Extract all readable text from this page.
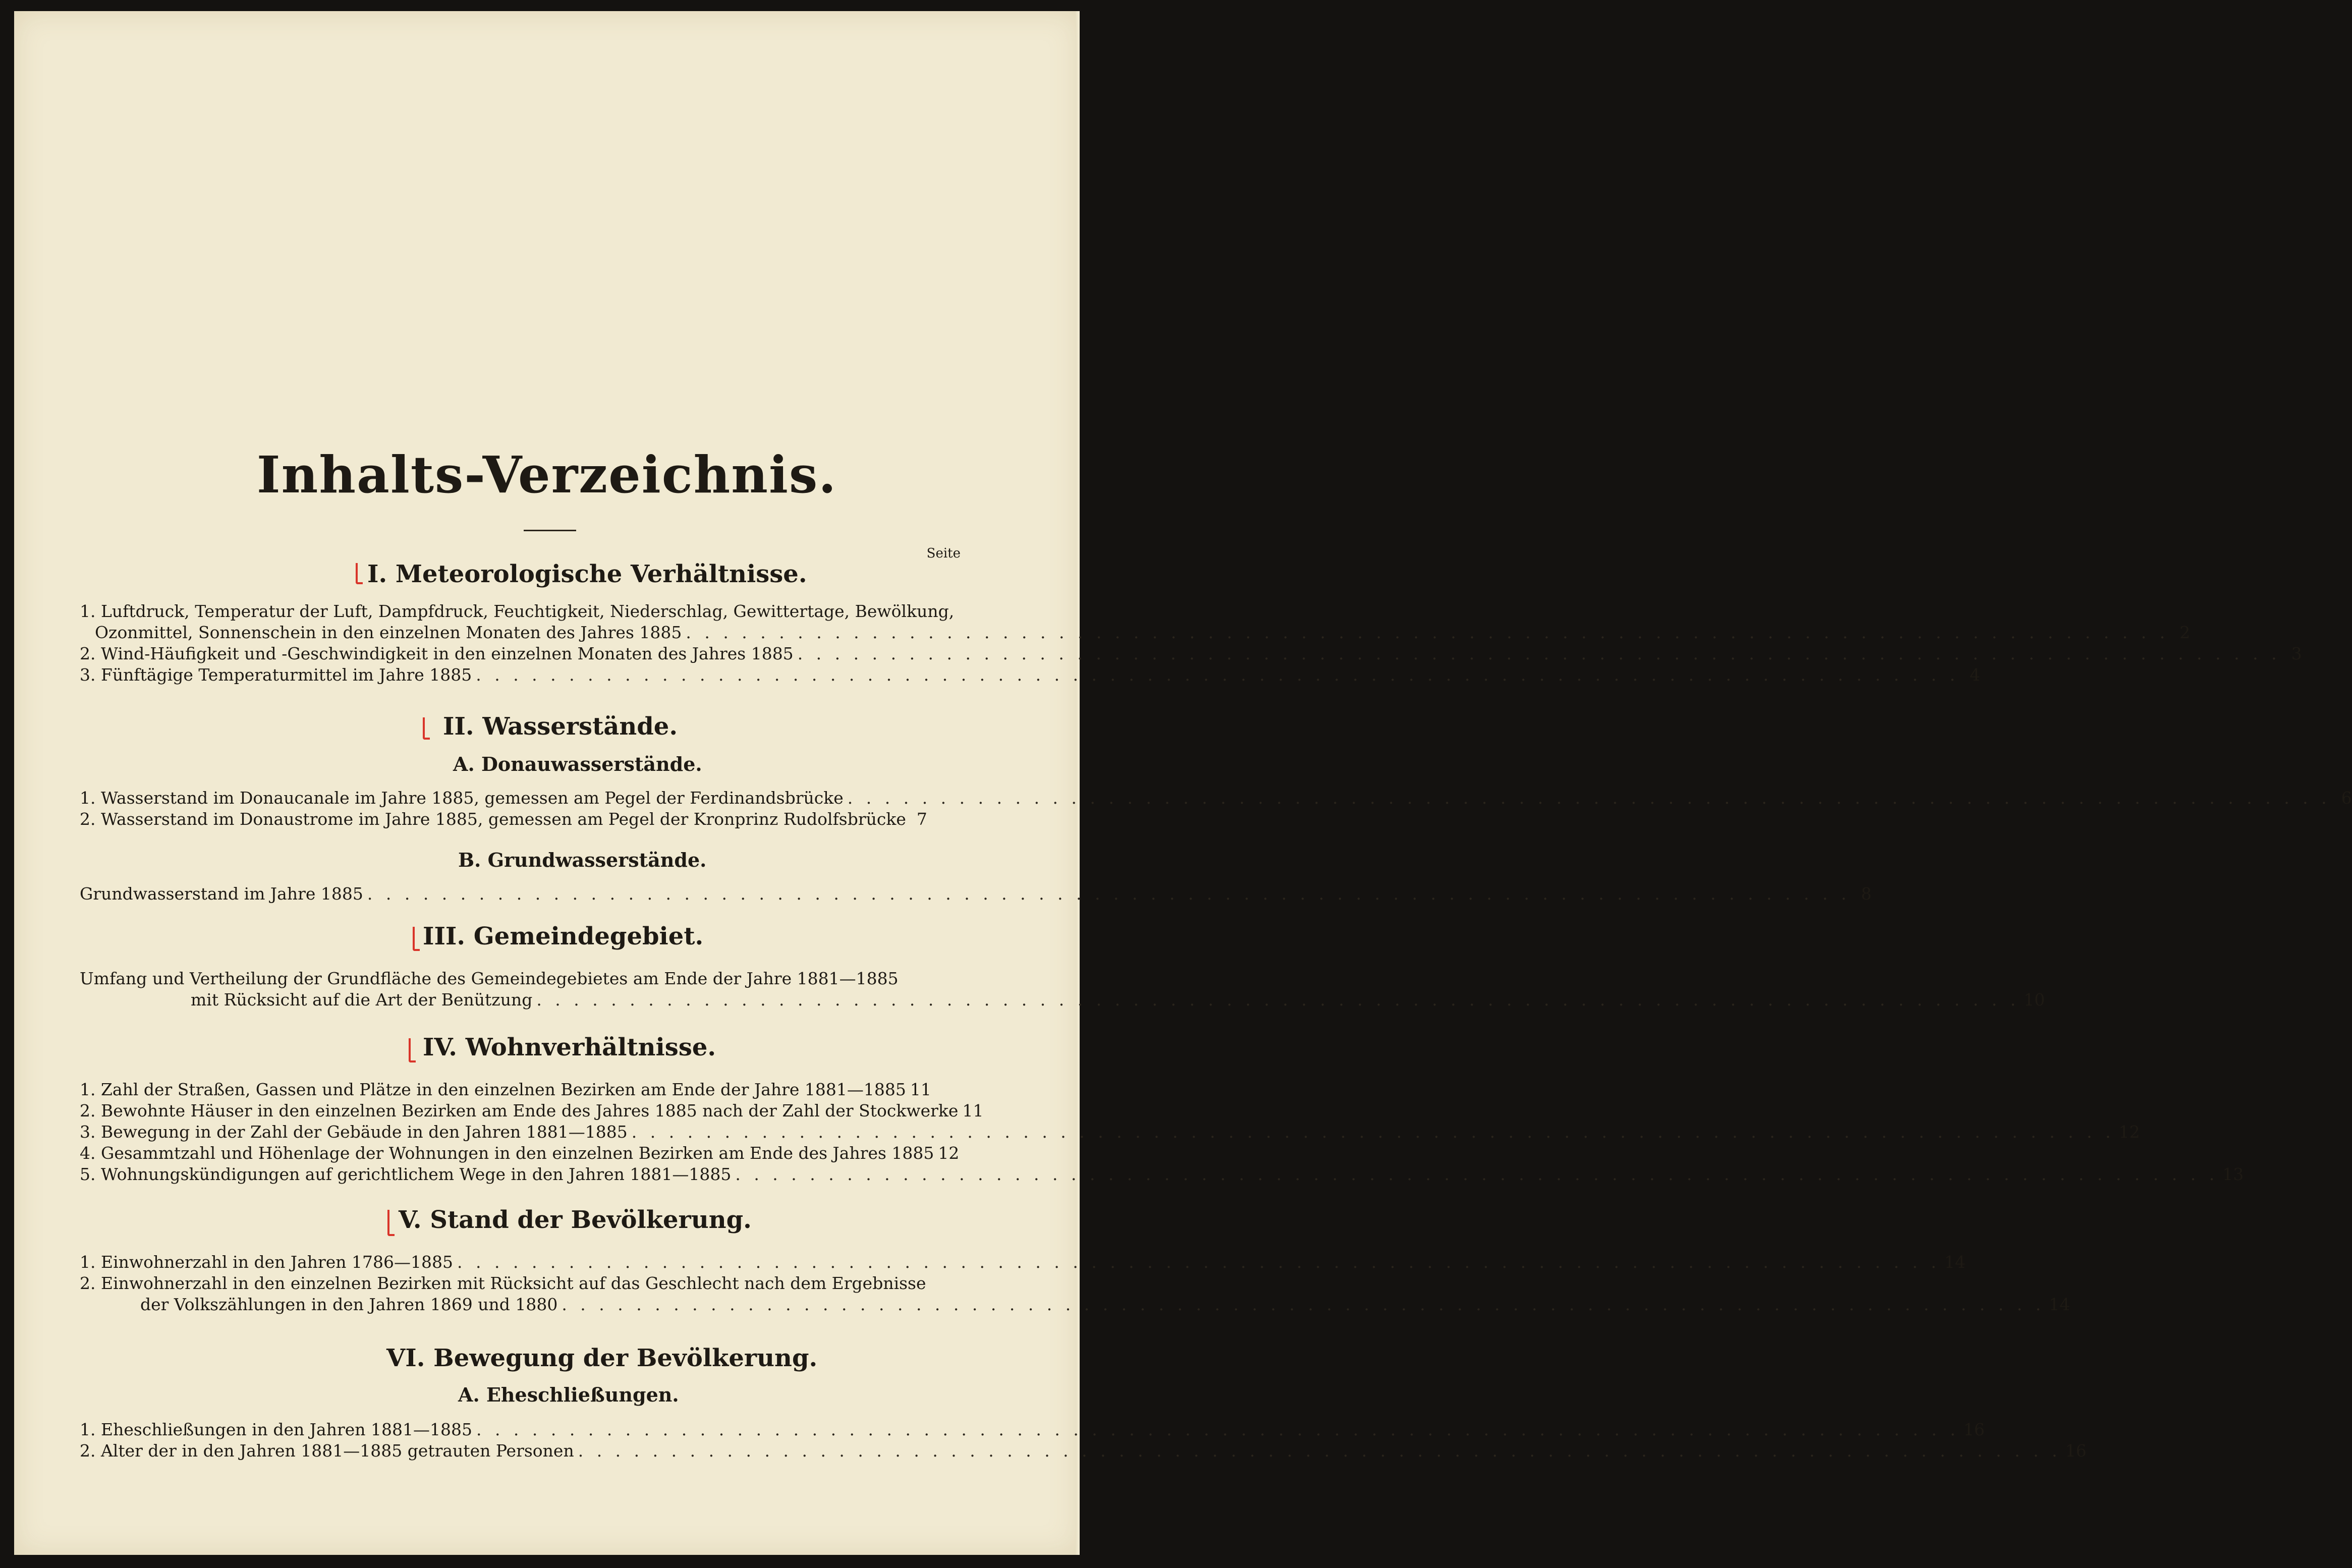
Inhalts-Verzeichnis.
Seite
I. Meteorologische Verhältnisse.
1. Luftdruck, Temperatur der Luft, Dampfdruck, Feuchtigkeit, Niederschlag, Gewittertage, Bewölkung,
Ozonmittel, Sonnenschein in den einzelnen Monaten des Jahres 1885 . . . . . . . . . . . . . . . . . . . . . . . . . . . . . . . . . . . . . . . . . . . . . . . . . . . . . . . . . . . . . . . . . . . . . . . . . . . . . . . . 2
2. Wind-Häufigkeit und -Geschwindigkeit in den einzelnen Monaten des Jahres 1885 . . . . . . . . . . . . . . . . . . . . . . . . . . . . . . . . . . . . . . . . . . . . . . . . . . . . . . . . . . . . . . . . . . . . . . . . . . . . . . . . 3
3. Fünftägige Temperaturmittel im Jahre 1885 . . . . . . . . . . . . . . . . . . . . . . . . . . . . . . . . . . . . . . . . . . . . . . . . . . . . . . . . . . . . . . . . . . . . . . . . . . . . . . . . 4
II. Wasserstände.
A. Donauwasserstände.
1. Wasserstand im Donaucanale im Jahre 1885, gemessen am Pegel der Ferdinandsbrücke . . . . . . . . . . . . . . . . . . . . . . . . . . . . . . . . . . . . . . . . . . . . . . . . . . . . . . . . . . . . . . . . . . . . . . . . . . . . . . . . 6
2. Wasserstand im Donaustrome im Jahre 1885, gemessen am Pegel der Kronprinz Rudolfsbrücke 7
B. Grundwasserstände.
Grundwasserstand im Jahre 1885 . . . . . . . . . . . . . . . . . . . . . . . . . . . . . . . . . . . . . . . . . . . . . . . . . . . . . . . . . . . . . . . . . . . . . . . . . . . . . . . . 8
III. Gemeindegebiet.
Umfang und Vertheilung der Grundfläche des Gemeindegebietes am Ende der Jahre 1881—1885
mit Rücksicht auf die Art der Benützung . . . . . . . . . . . . . . . . . . . . . . . . . . . . . . . . . . . . . . . . . . . . . . . . . . . . . . . . . . . . . . . . . . . . . . . . . . . . . . . . 10
IV. Wohnverhältnisse.
1. Zahl der Straßen, Gassen und Plätze in den einzelnen Bezirken am Ende der Jahre 1881—1885 11
2. Bewohnte Häuser in den einzelnen Bezirken am Ende des Jahres 1885 nach der Zahl der Stockwerke 11
3. Bewegung in der Zahl der Gebäude in den Jahren 1881—1885 . . . . . . . . . . . . . . . . . . . . . . . . . . . . . . . . . . . . . . . . . . . . . . . . . . . . . . . . . . . . . . . . . . . . . . . . . . . . . . . . 12
4. Gesammtzahl und Höhenlage der Wohnungen in den einzelnen Bezirken am Ende des Jahres 1885 12
5. Wohnungskündigungen auf gerichtlichem Wege in den Jahren 1881—1885 . . . . . . . . . . . . . . . . . . . . . . . . . . . . . . . . . . . . . . . . . . . . . . . . . . . . . . . . . . . . . . . . . . . . . . . . . . . . . . . . 13
V. Stand der Bevölkerung.
1. Einwohnerzahl in den Jahren 1786—1885 . . . . . . . . . . . . . . . . . . . . . . . . . . . . . . . . . . . . . . . . . . . . . . . . . . . . . . . . . . . . . . . . . . . . . . . . . . . . . . . . 14
2. Einwohnerzahl in den einzelnen Bezirken mit Rücksicht auf das Geschlecht nach dem Ergebnisse
der Volkszählungen in den Jahren 1869 und 1880 . . . . . . . . . . . . . . . . . . . . . . . . . . . . . . . . . . . . . . . . . . . . . . . . . . . . . . . . . . . . . . . . . . . . . . . . . . . . . . . . 14
VI. Bewegung der Bevölkerung.
A. Eheschließungen.
1. Eheschließungen in den Jahren 1881—1885 . . . . . . . . . . . . . . . . . . . . . . . . . . . . . . . . . . . . . . . . . . . . . . . . . . . . . . . . . . . . . . . . . . . . . . . . . . . . . . . . 16
2. Alter der in den Jahren 1881—1885 getrauten Personen . . . . . . . . . . . . . . . . . . . . . . . . . . . . . . . . . . . . . . . . . . . . . . . . . . . . . . . . . . . . . . . . . . . . . . . . . . . . . . . . 16
